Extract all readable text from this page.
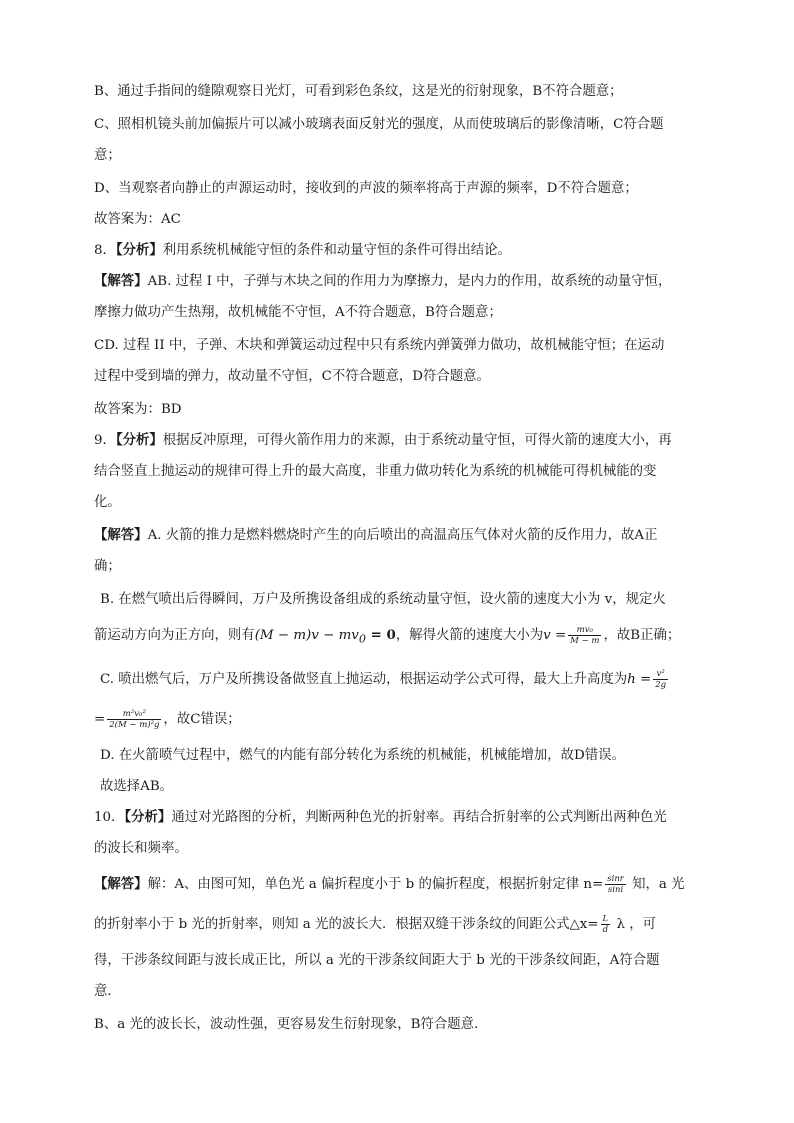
B、通过手指间的缝隙观察日光灯，可看到彩色条纹，这是光的衍射现象，B不符合题意；

C、照相机镜头前加偏振片可以减小玻璃表面反射光的强度，从而使玻璃后的影像清晰，C符合题

意；

D、当观察者向静止的声源运动时，接收到的声波的频率将高于声源的频率，D不符合题意；

故答案为：AC

8．【分析】利用系统机械能守恒的条件和动量守恒的条件可得出结论。

【解答】AB. 过程 I 中，子弹与木块之间的作用力为摩擦力，是内力的作用，故系统的动量守恒，

摩擦力做功产生热翔，故机械能不守恒，A不符合题意，B符合题意；

CD. 过程 II 中，子弹、木块和弹簧运动过程中只有系统内弹簧弹力做功，故机械能守恒；在运动

过程中受到墙的弹力，故动量不守恒，C不符合题意，D符合题意。

故答案为：BD

9．【分析】根据反冲原理，可得火箭作用力的来源，由于系统动量守恒，可得火箭的速度大小，再

结合竖直上抛运动的规律可得上升的最大高度，非重力做功转化为系统的机械能可得机械能的变

化。

【解答】A. 火箭的推力是燃料燃烧时产生的向后喷出的高温高压气体对火箭的反作用力，故A正

确；

B. 在燃气喷出后得瞬间，万户及所携设备组成的系统动量守恒，设火箭的速度大小为 v，规定火

箭运动方向为正方向，则有$(M - m)v - mv_0 = 0$，解得火箭的速度大小为$v = \frac{\text{mv₀}}{M - m}$ ，故B正确；

C. 喷出燃气后，万户及所携设备做竖直上抛运动，根据运动学公式可得，最大上升高度为$h = \frac{\text{v²}}{2g}$

= $\frac{\text{m²v₀²}}{\text{2(M − m)²g}}$ ，故C错误；

D. 在火箭喷气过程中，燃气的内能有部分转化为系统的机械能，机械能增加，故D错误。

故选择AB。

10．【分析】通过对光路图的分析，判断两种色光的折射率。再结合折射率的公式判断出两种色光

的波长和频率。

【解答】解：A、由图可知，单色光 a 偏折程度小于 b 的偏折程度，根据折射定律 $n= \frac{\sin r}{\sin i}$ 知，a 光

的折射率小于 b 光的折射率，则知 a 光的波长大．根据双缝干涉条纹的间距公式△x= $\frac{L}{d}$ λ ，可

得，干涉条纹间距与波长成正比，所以 a 光的干涉条纹间距大于 b 光的干涉条纹间距，A符合题

意．

B、a 光的波长长，波动性强，更容易发生衍射现象，B符合题意．
